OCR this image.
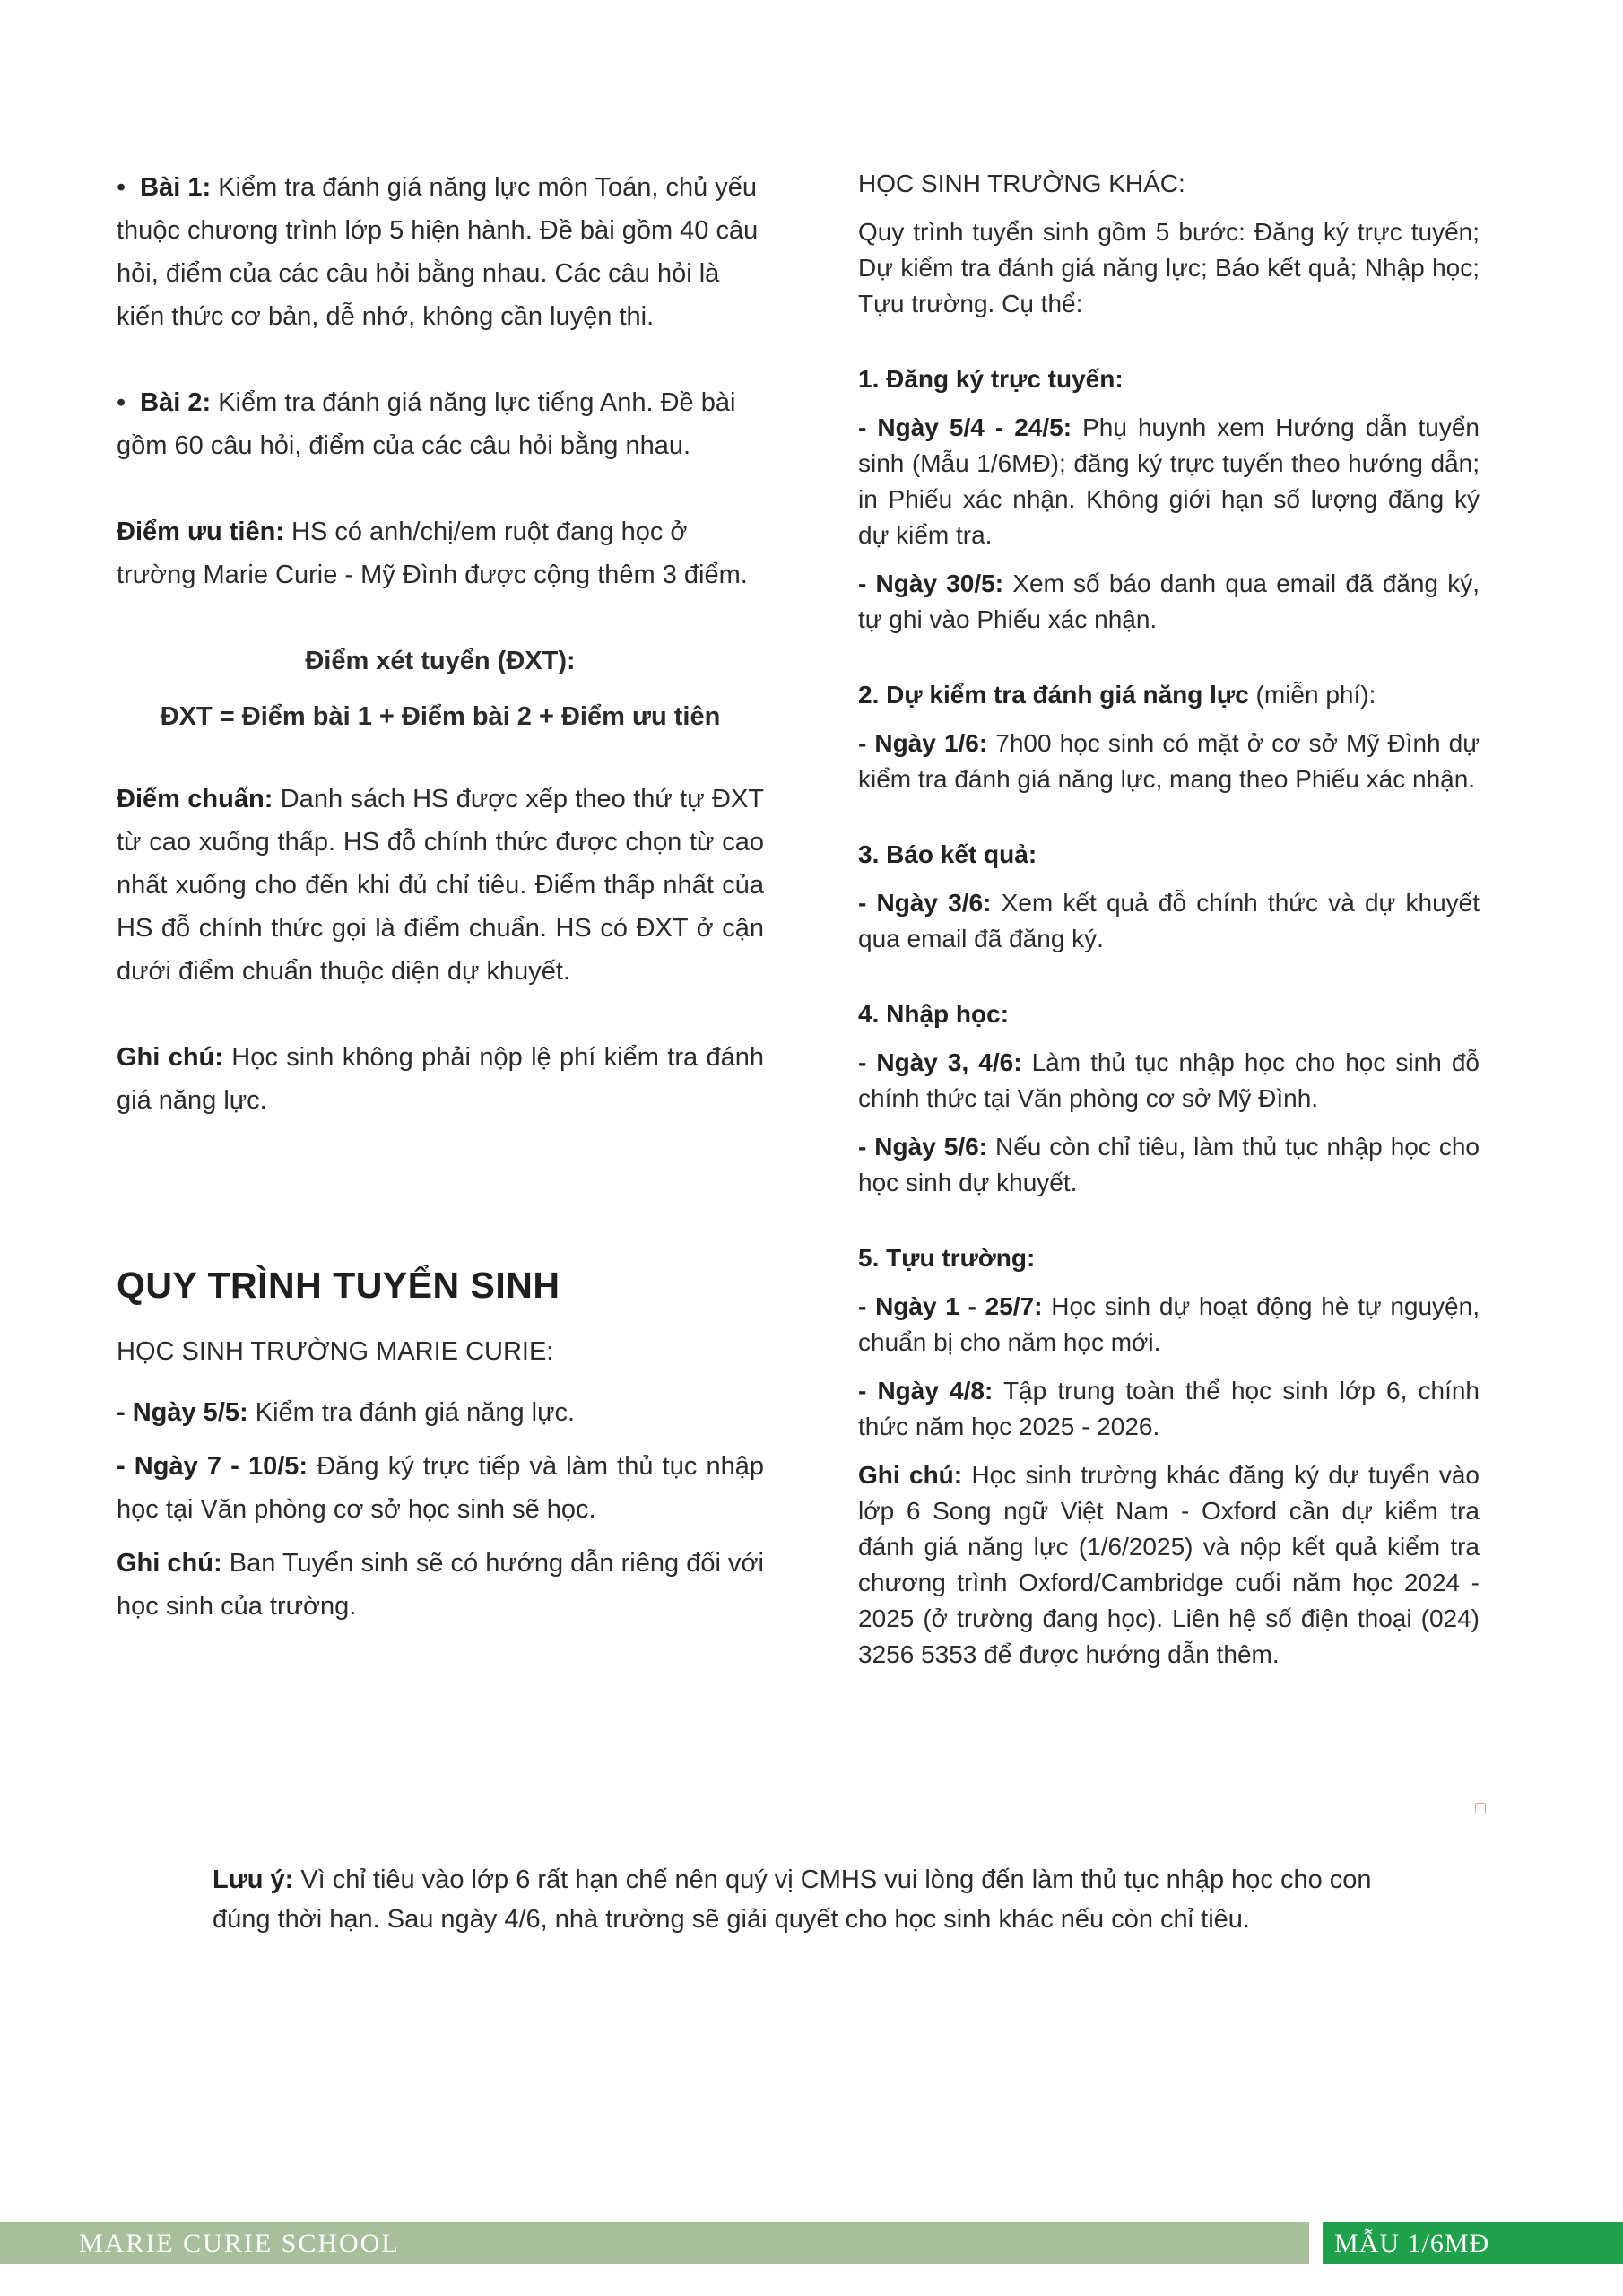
• Bài 1: Kiểm tra đánh giá năng lực môn Toán, chủ yếu thuộc chương trình lớp 5 hiện hành. Đề bài gồm 40 câu hỏi, điểm của các câu hỏi bằng nhau. Các câu hỏi là kiến thức cơ bản, dễ nhớ, không cần luyện thi.

• Bài 2: Kiểm tra đánh giá năng lực tiếng Anh. Đề bài gồm 60 câu hỏi, điểm của các câu hỏi bằng nhau.

Điểm ưu tiên: HS có anh/chị/em ruột đang học ở trường Marie Curie - Mỹ Đình được cộng thêm 3 điểm.

Điểm xét tuyển (ĐXT):

ĐXT = Điểm bài 1 + Điểm bài 2 + Điểm ưu tiên

Điểm chuẩn: Danh sách HS được xếp theo thứ tự ĐXT từ cao xuống thấp. HS đỗ chính thức được chọn từ cao nhất xuống cho đến khi đủ chỉ tiêu. Điểm thấp nhất của HS đỗ chính thức gọi là điểm chuẩn. HS có ĐXT ở cận dưới điểm chuẩn thuộc diện dự khuyết.

Ghi chú: Học sinh không phải nộp lệ phí kiểm tra đánh giá năng lực.

QUY TRÌNH TUYỂN SINH

HỌC SINH TRƯỜNG MARIE CURIE:

- Ngày 5/5: Kiểm tra đánh giá năng lực.

- Ngày 7 - 10/5: Đăng ký trực tiếp và làm thủ tục nhập học tại Văn phòng cơ sở học sinh sẽ học.

Ghi chú: Ban Tuyển sinh sẽ có hướng dẫn riêng đối với học sinh của trường.

HỌC SINH TRƯỜNG KHÁC:

Quy trình tuyển sinh gồm 5 bước: Đăng ký trực tuyến; Dự kiểm tra đánh giá năng lực; Báo kết quả; Nhập học; Tựu trường. Cụ thể:

1. Đăng ký trực tuyến:

- Ngày 5/4 - 24/5: Phụ huynh xem Hướng dẫn tuyển sinh (Mẫu 1/6MĐ); đăng ký trực tuyến theo hướng dẫn; in Phiếu xác nhận. Không giới hạn số lượng đăng ký dự kiểm tra.

- Ngày 30/5: Xem số báo danh qua email đã đăng ký, tự ghi vào Phiếu xác nhận.

2. Dự kiểm tra đánh giá năng lực (miễn phí):

- Ngày 1/6: 7h00 học sinh có mặt ở cơ sở Mỹ Đình dự kiểm tra đánh giá năng lực, mang theo Phiếu xác nhận.

3. Báo kết quả:

- Ngày 3/6: Xem kết quả đỗ chính thức và dự khuyết qua email đã đăng ký.

4. Nhập học:

- Ngày 3, 4/6: Làm thủ tục nhập học cho học sinh đỗ chính thức tại Văn phòng cơ sở Mỹ Đình.

- Ngày 5/6: Nếu còn chỉ tiêu, làm thủ tục nhập học cho học sinh dự khuyết.

5. Tựu trường:

- Ngày 1 - 25/7: Học sinh dự hoạt động hè tự nguyện, chuẩn bị cho năm học mới.

- Ngày 4/8: Tập trung toàn thể học sinh lớp 6, chính thức năm học 2025 - 2026.

Ghi chú: Học sinh trường khác đăng ký dự tuyển vào lớp 6 Song ngữ Việt Nam - Oxford cần dự kiểm tra đánh giá năng lực (1/6/2025) và nộp kết quả kiểm tra chương trình Oxford/Cambridge cuối năm học 2024 - 2025 (ở trường đang học). Liên hệ số điện thoại (024) 3256 5353 để được hướng dẫn thêm.

Lưu ý: Vì chỉ tiêu vào lớp 6 rất hạn chế nên quý vị CMHS vui lòng đến làm thủ tục nhập học cho con đúng thời hạn. Sau ngày 4/6, nhà trường sẽ giải quyết cho học sinh khác nếu còn chỉ tiêu.
MARIE CURIE SCHOOL	MẪU 1/6MĐ
